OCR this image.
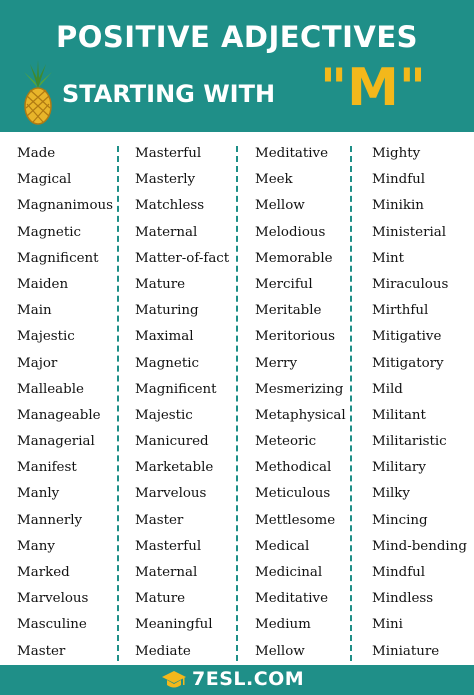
POSITIVE ADJECTIVES
STARTING WITH "M"
Made
Magical
Magnanimous
Magnetic
Magnificent
Maiden
Main
Majestic
Major
Malleable
Manageable
Managerial
Manifest
Manly
Mannerly
Many
Marked
Marvelous
Masculine
Master
Masterful
Masterly
Matchless
Maternal
Matter-of-fact
Mature
Maturing
Maximal
Magnetic
Magnificent
Majestic
Manicured
Marketable
Marvelous
Master
Masterful
Maternal
Mature
Meaningful
Mediate
Meditative
Meek
Mellow
Melodious
Memorable
Merciful
Meritable
Meritorious
Merry
Mesmerizing
Metaphysical
Meteoric
Methodical
Meticulous
Mettlesome
Medical
Medicinal
Meditative
Medium
Mellow
Mighty
Mindful
Minikin
Ministerial
Mint
Miraculous
Mirthful
Mitigative
Mitigatory
Mild
Militant
Militaristic
Military
Milky
Mincing
Mind-bending
Mindful
Mindless
Mini
Miniature
7ESL.COM
